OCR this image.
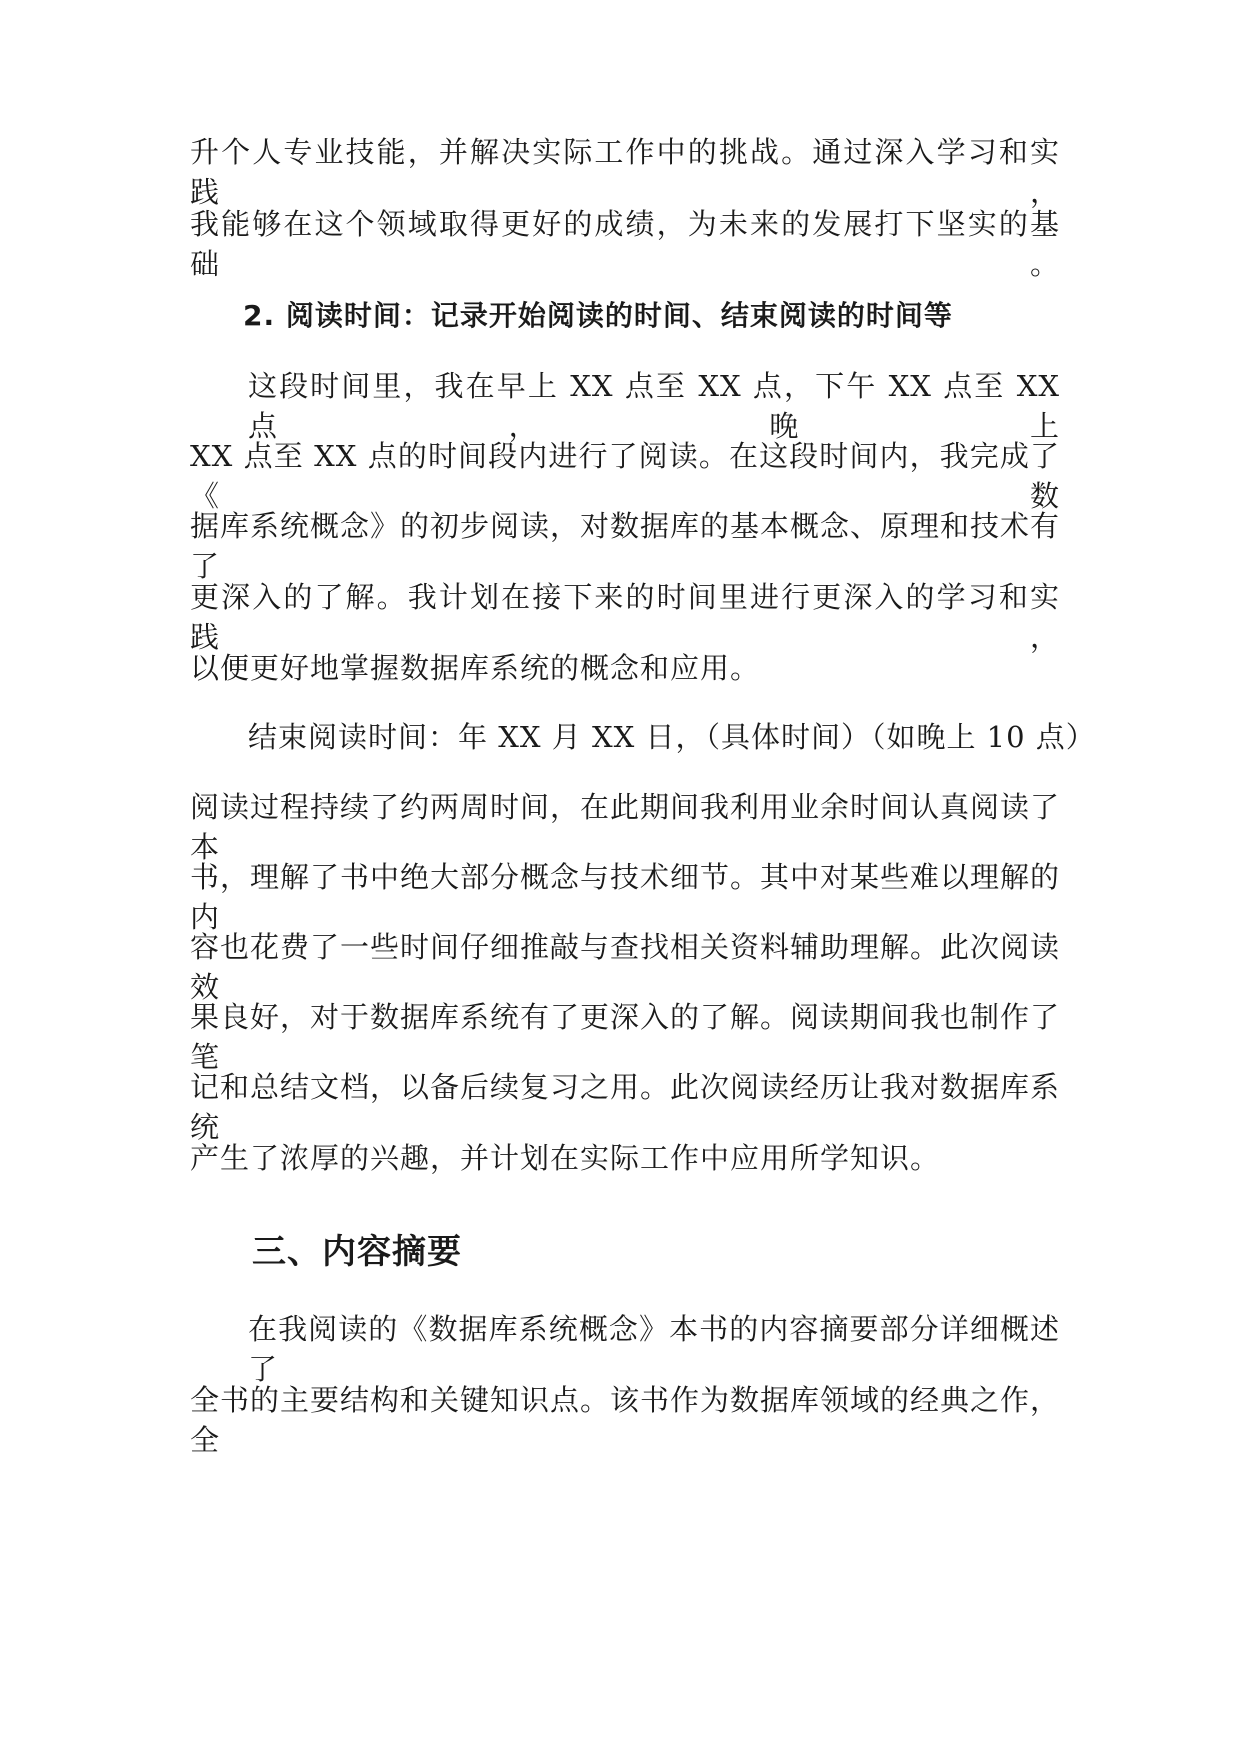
升个人专业技能，并解决实际工作中的挑战。通过深入学习和实践，
我能够在这个领域取得更好的成绩，为未来的发展打下坚实的基础。
2. 阅读时间：记录开始阅读的时间、结束阅读的时间等
这段时间里，我在早上 XX 点至 XX 点，下午 XX 点至 XX 点，晚上
XX 点至 XX 点的时间段内进行了阅读。在这段时间内，我完成了《数
据库系统概念》的初步阅读，对数据库的基本概念、原理和技术有了
更深入的了解。我计划在接下来的时间里进行更深入的学习和实践，
以便更好地掌握数据库系统的概念和应用。
结束阅读时间：年 XX 月 XX 日，（具体时间）（如晚上 10 点）
阅读过程持续了约两周时间，在此期间我利用业余时间认真阅读了本
书，理解了书中绝大部分概念与技术细节。其中对某些难以理解的内
容也花费了一些时间仔细推敲与查找相关资料辅助理解。此次阅读效
果良好，对于数据库系统有了更深入的了解。阅读期间我也制作了笔
记和总结文档，以备后续复习之用。此次阅读经历让我对数据库系统
产生了浓厚的兴趣，并计划在实际工作中应用所学知识。
三、内容摘要
在我阅读的《数据库系统概念》本书的内容摘要部分详细概述了
全书的主要结构和关键知识点。该书作为数据库领域的经典之作，全
